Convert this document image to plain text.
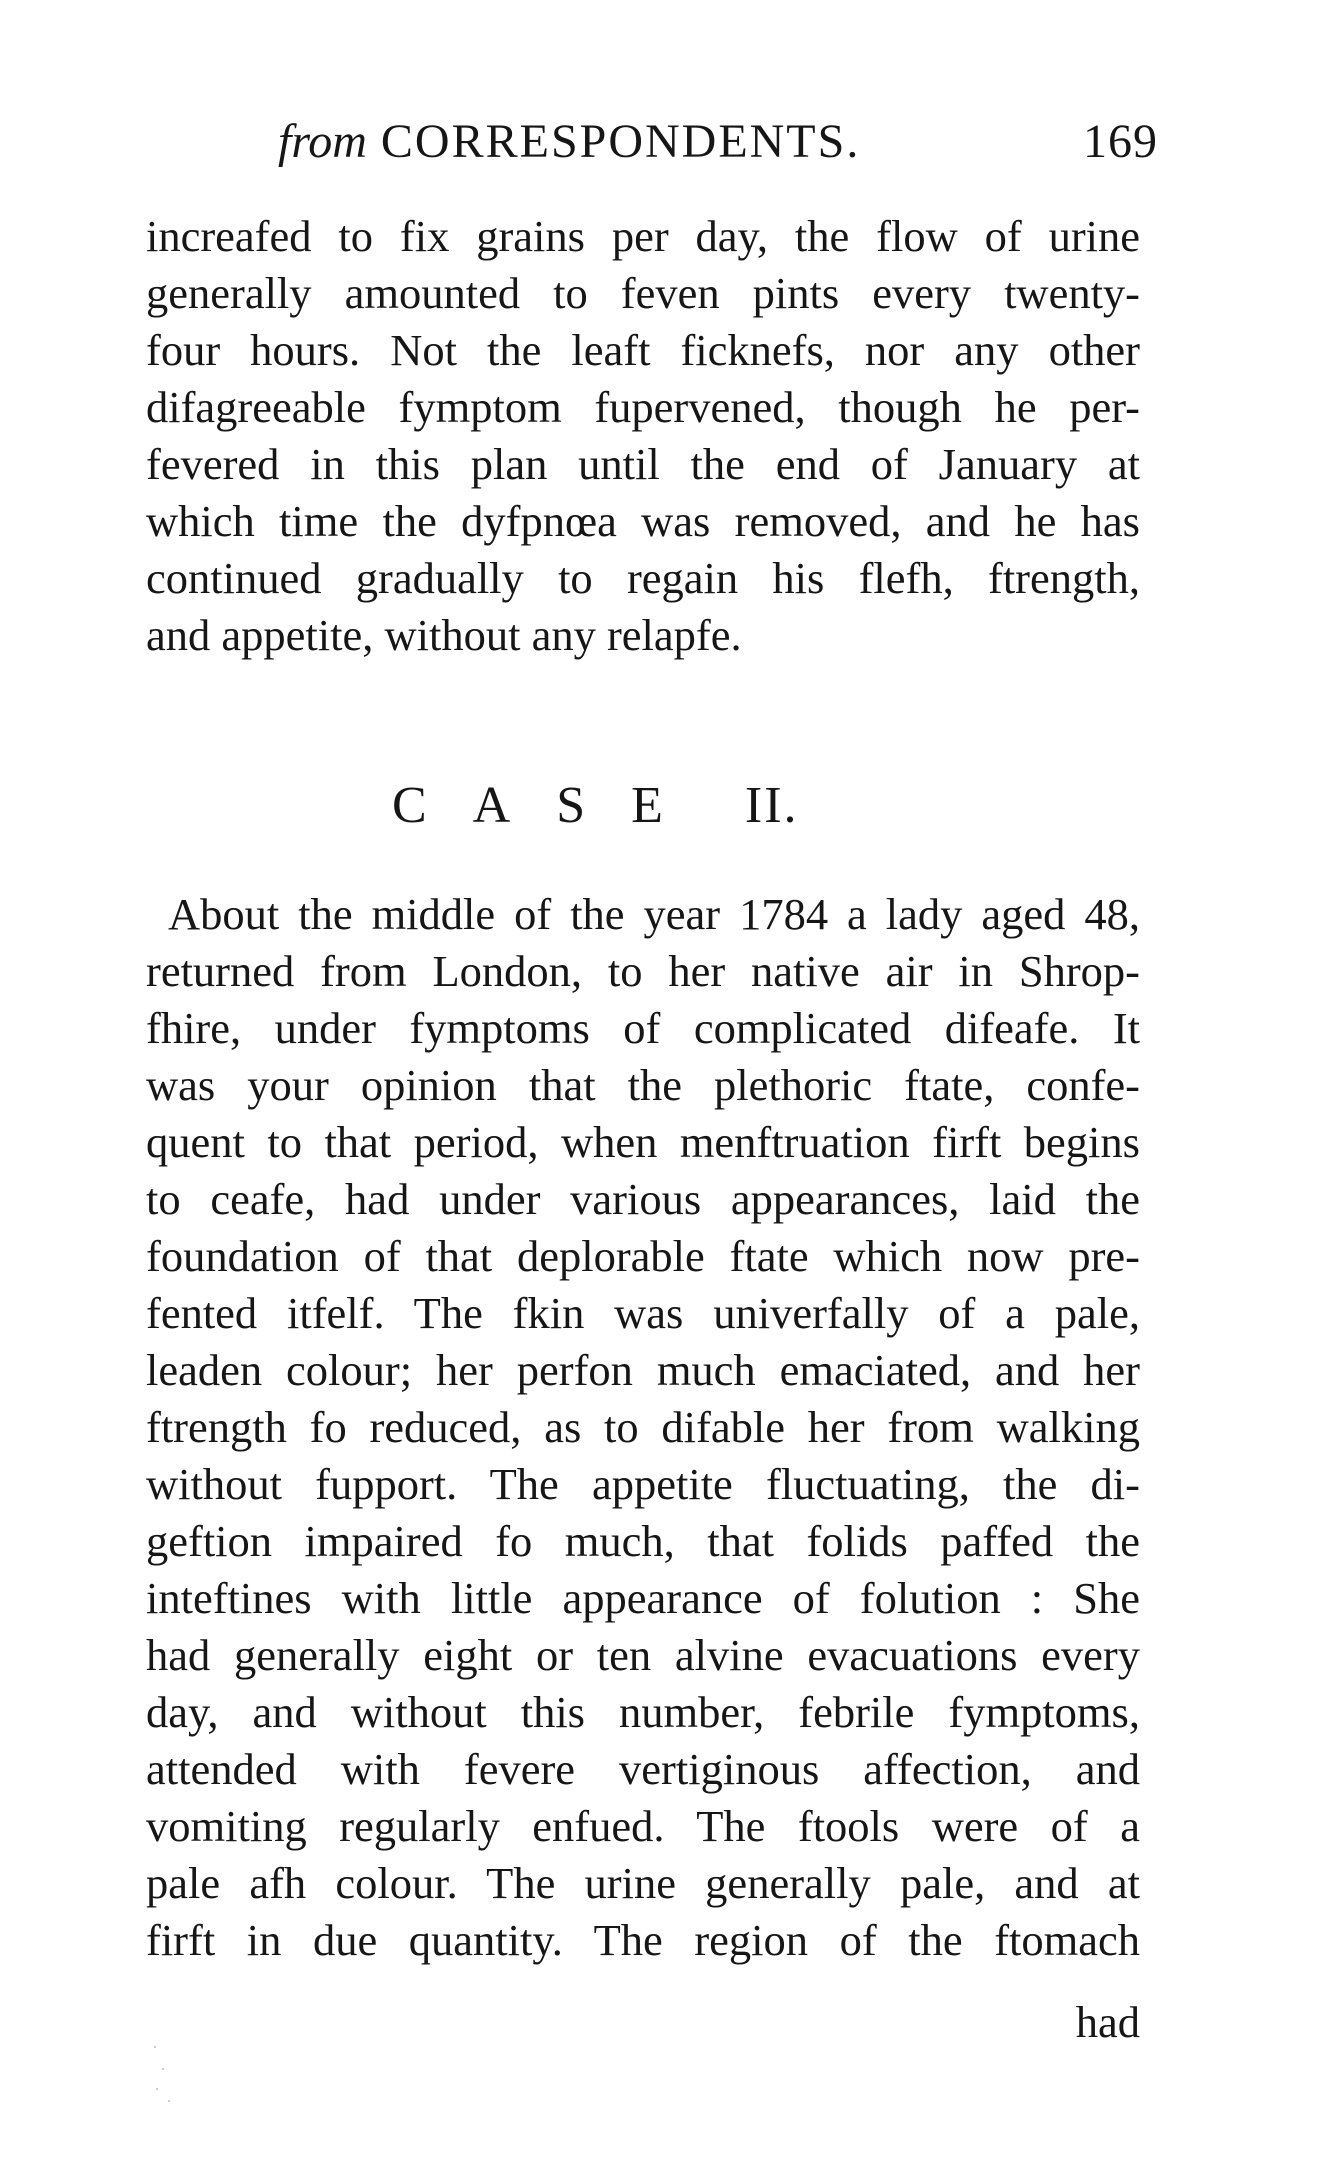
from CORRESPONDENTS.	169
increafed to fix grains per day, the flow of urine
generally amounted to feven pints every twenty-
four hours. Not the leaft ficknefs, nor any other
difagreeable fymptom fupervened, though he per-
fevered in this plan until the end of January at
which time the dyfpnœa was removed, and he has
continued gradually to regain his flefh, ftrength,
and appetite, without any relapfe.
CASE II.
About the middle of the year 1784 a lady aged 48,
returned from London, to her native air in Shrop-
fhire, under fymptoms of complicated difeafe. It
was your opinion that the plethoric ftate, confe-
quent to that period, when menftruation firft begins
to ceafe, had under various appearances, laid the
foundation of that deplorable ftate which now pre-
fented itfelf. The fkin was univerfally of a pale,
leaden colour; her perfon much emaciated, and her
ftrength fo reduced, as to difable her from walking
without fupport. The appetite fluctuating, the di-
geftion impaired fo much, that folids paffed the
inteftines with little appearance of folution : She
had generally eight or ten alvine evacuations every
day, and without this number, febrile fymptoms,
attended with fevere vertiginous affection, and
vomiting regularly enfued. The ftools were of a
pale afh colour. The urine generally pale, and at
firft in due quantity. The region of the ftomach
had
